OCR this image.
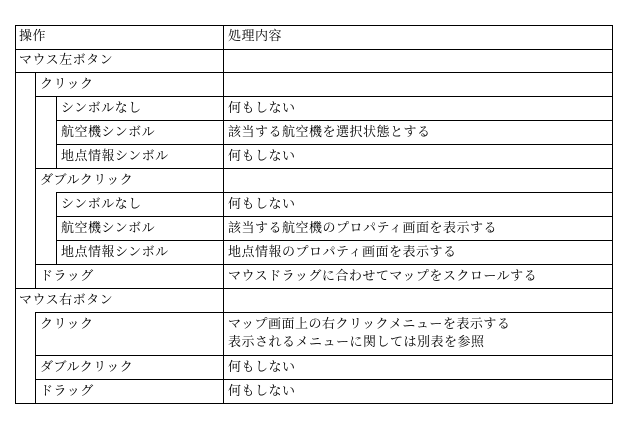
操作	処理内容
マウス左ボタン
クリック
シンボルなし	何もしない
航空機シンボル	該当する航空機を選択状態とする
地点情報シンボル	何もしない
ダブルクリック
シンボルなし	何もしない
航空機シンボル	該当する航空機のプロパティ画面を表示する
地点情報シンボル	地点情報のプロパティ画面を表示する
ドラッグ	マウスドラッグに合わせてマップをスクロールする
マウス右ボタン
クリック	マップ画面上の右クリックメニューを表示する
表示されるメニューに関しては別表を参照
ダブルクリック	何もしない
ドラッグ	何もしない
